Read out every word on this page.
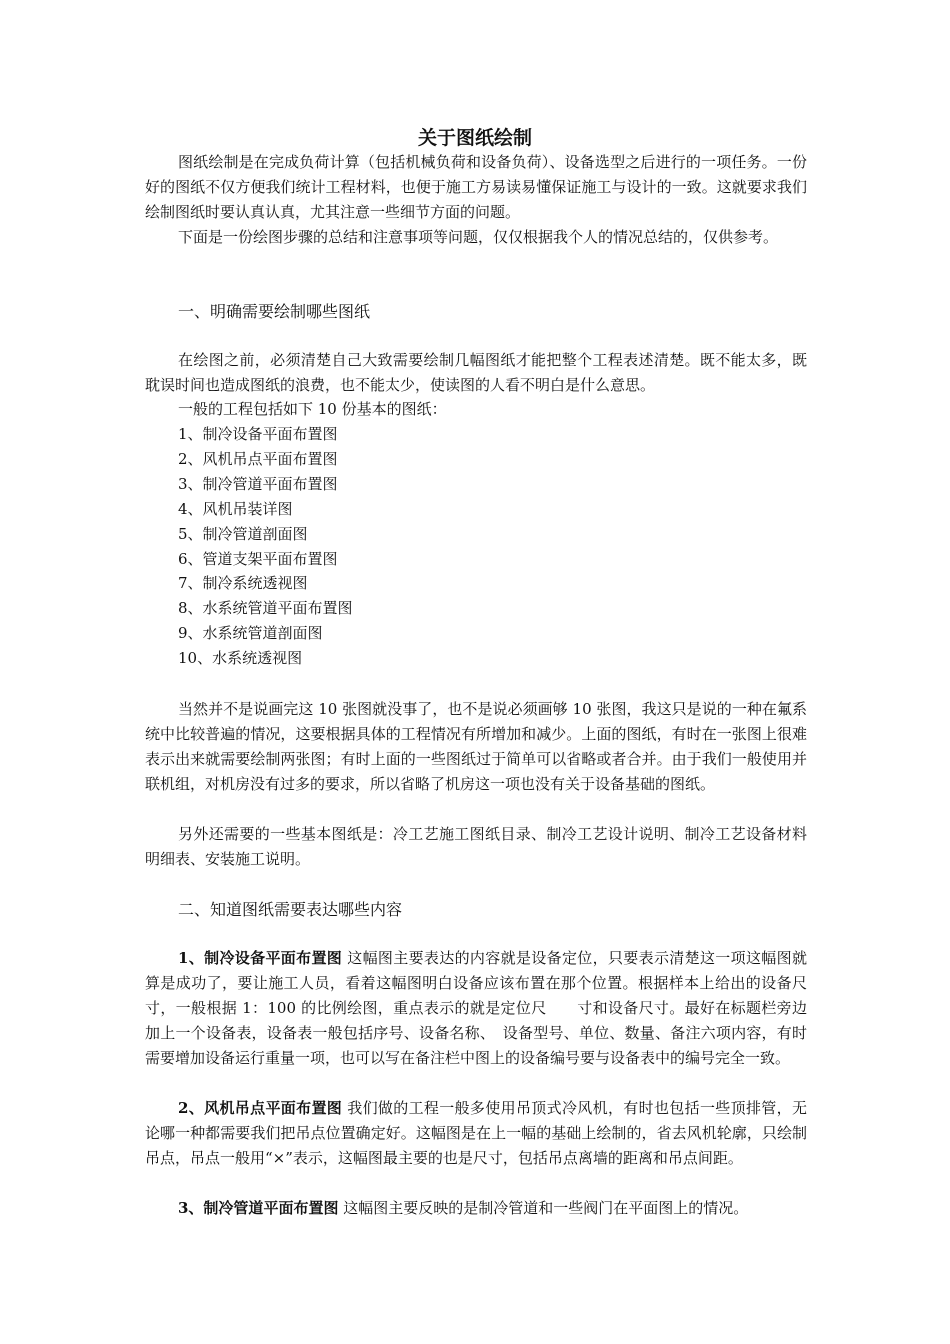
关于图纸绘制

图纸绘制是在完成负荷计算（包括机械负荷和设备负荷）、设备选型之后进行的一项任务。一份好的图纸不仅方便我们统计工程材料，也便于施工方易读易懂保证施工与设计的一致。这就要求我们绘制图纸时要认真认真，尤其注意一些细节方面的问题。

下面是一份绘图步骤的总结和注意事项等问题，仅仅根据我个人的情况总结的，仅供参考。

一、明确需要绘制哪些图纸

在绘图之前，必须清楚自己大致需要绘制几幅图纸才能把整个工程表述清楚。既不能太多，既耽误时间也造成图纸的浪费，也不能太少，使读图的人看不明白是什么意思。

一般的工程包括如下 10 份基本的图纸：
1、制冷设备平面布置图
2、风机吊点平面布置图
3、制冷管道平面布置图
4、风机吊装详图
5、制冷管道剖面图
6、管道支架平面布置图
7、制冷系统透视图
8、水系统管道平面布置图
9、水系统管道剖面图
10、水系统透视图

当然并不是说画完这 10 张图就没事了，也不是说必须画够 10 张图，我这只是说的一种在氟系统中比较普遍的情况，这要根据具体的工程情况有所增加和减少。上面的图纸，有时在一张图上很难表示出来就需要绘制两张图；有时上面的一些图纸过于简单可以省略或者合并。由于我们一般使用并联机组，对机房没有过多的要求，所以省略了机房这一项也没有关于设备基础的图纸。

另外还需要的一些基本图纸是：冷工艺施工图纸目录、制冷工艺设计说明、制冷工艺设备材料明细表、安装施工说明。

二、知道图纸需要表达哪些内容

1、制冷设备平面布置图 这幅图主要表达的内容就是设备定位，只要表示清楚这一项这幅图就算是成功了，要让施工人员，看着这幅图明白设备应该布置在那个位置。根据样本上给出的设备尺寸，一般根据 1：100 的比例绘图，重点表示的就是定位尺　　寸和设备尺寸。最好在标题栏旁边加上一个设备表，设备表一般包括序号、设备名称、　设备型号、单位、数量、备注六项内容，有时需要增加设备运行重量一项，也可以写在备注栏中图上的设备编号要与设备表中的编号完全一致。

2、风机吊点平面布置图 我们做的工程一般多使用吊顶式冷风机，有时也包括一些顶排管，无论哪一种都需要我们把吊点位置确定好。这幅图是在上一幅的基础上绘制的，省去风机轮廓，只绘制吊点，吊点一般用“×”表示，这幅图最主要的也是尺寸，包括吊点离墙的距离和吊点间距。

3、制冷管道平面布置图 这幅图主要反映的是制冷管道和一些阀门在平面图上的情况。
